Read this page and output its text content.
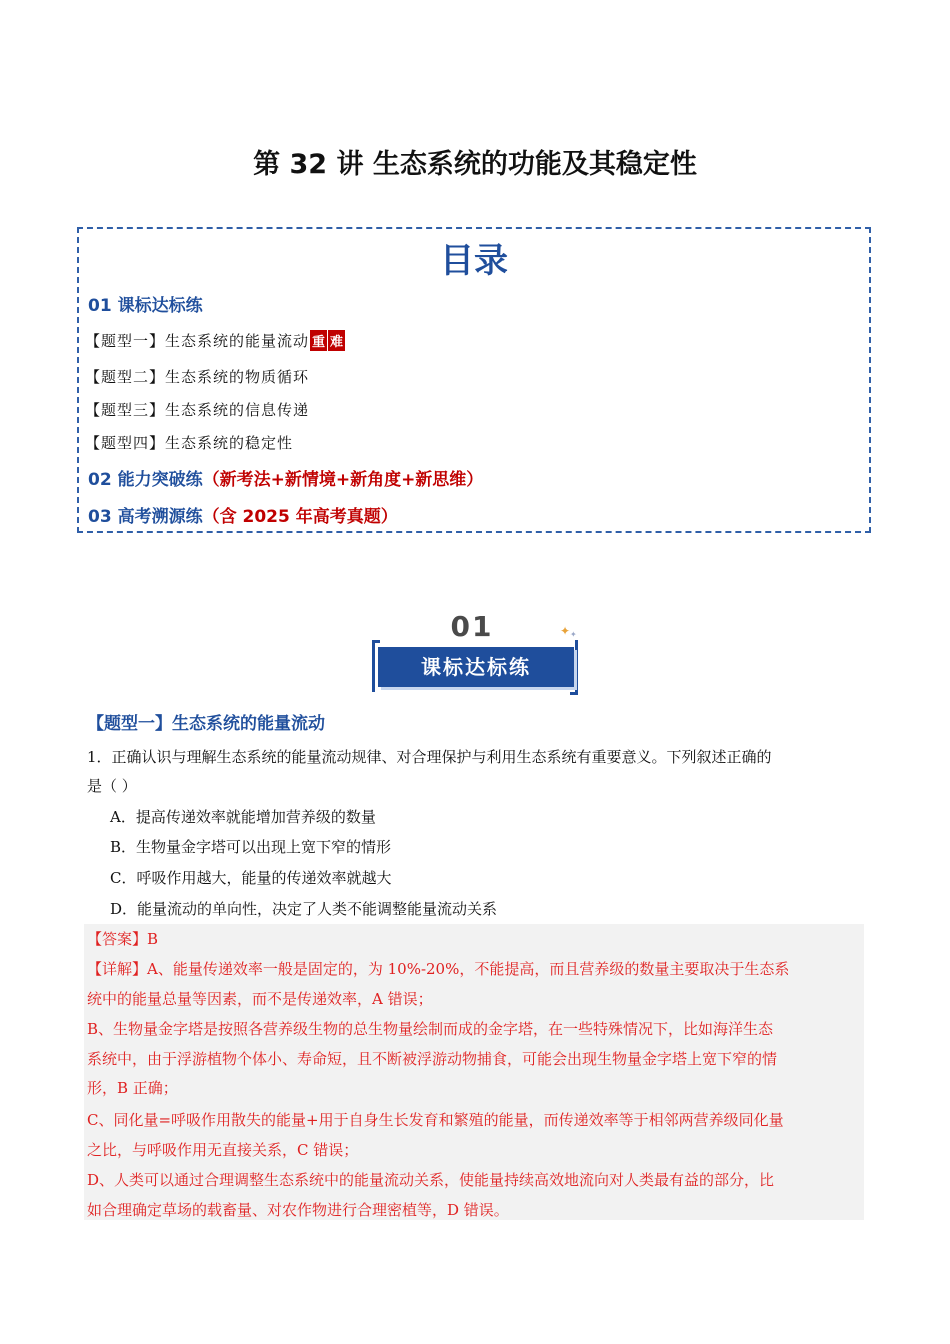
第 32 讲 生态系统的功能及其稳定性
目录
01 课标达标练
【题型一】生态系统的能量流动 重 难
【题型二】生态系统的物质循环
【题型三】生态系统的信息传递
【题型四】生态系统的稳定性
02 能力突破练（新考法+新情境+新角度+新思维）
03 高考溯源练（含 2025 年高考真题）
01
课标达标练
✦ ✦
【题型一】生态系统的能量流动
1．正确认识与理解生态系统的能量流动规律、对合理保护与利用生态系统有重要意义。下列叙述正确的
是（ ）
A．提高传递效率就能增加营养级的数量
B．生物量金字塔可以出现上宽下窄的情形
C．呼吸作用越大，能量的传递效率就越大
D．能量流动的单向性，决定了人类不能调整能量流动关系
【答案】B
【详解】A、能量传递效率一般是固定的，为 10%-20%，不能提高，而且营养级的数量主要取决于生态系
统中的能量总量等因素，而不是传递效率，A 错误；
B、生物量金字塔是按照各营养级生物的总生物量绘制而成的金字塔，在一些特殊情况下，比如海洋生态
系统中，由于浮游植物个体小、寿命短，且不断被浮游动物捕食，可能会出现生物量金字塔上宽下窄的情
形，B 正确；
C、同化量=呼吸作用散失的能量+用于自身生长发育和繁殖的能量，而传递效率等于相邻两营养级同化量
之比，与呼吸作用无直接关系，C 错误；
D、人类可以通过合理调整生态系统中的能量流动关系，使能量持续高效地流向对人类最有益的部分，比
如合理确定草场的载畜量、对农作物进行合理密植等，D 错误。
